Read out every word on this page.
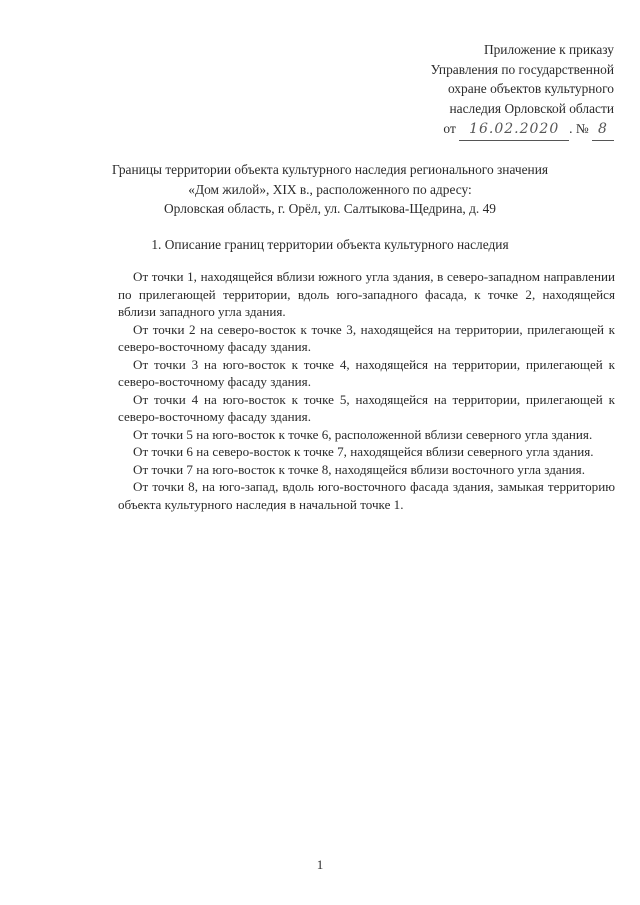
Приложение к приказу
Управления по государственной
охране объектов культурного
наследия Орловской области
от 16.02.2020 . № 8
Границы территории объекта культурного наследия регионального значения
«Дом жилой», XIX в., расположенного по адресу:
Орловская область, г. Орёл, ул. Салтыкова-Щедрина, д. 49
1. Описание границ территории объекта культурного наследия

От точки 1, находящейся вблизи южного угла здания, в северо-западном направлении по прилегающей территории, вдоль юго-западного фасада, к точке 2, находящейся вблизи западного угла здания.

От точки 2 на северо-восток к точке 3, находящейся на территории, прилегающей к северо-восточному фасаду здания.

От точки 3 на юго-восток к точке 4, находящейся на территории, прилегающей к северо-восточному фасаду здания.

От точки 4 на юго-восток к точке 5, находящейся на территории, прилегающей к северо-восточному фасаду здания.

От точки 5 на юго-восток к точке 6, расположенной вблизи северного угла здания.

От точки 6 на северо-восток к точке 7, находящейся вблизи северного угла здания.

От точки 7 на юго-восток к точке 8, находящейся вблизи восточного угла здания.

От точки 8, на юго-запад, вдоль юго-восточного фасада здания, замыкая территорию объекта культурного наследия в начальной точке 1.

1
